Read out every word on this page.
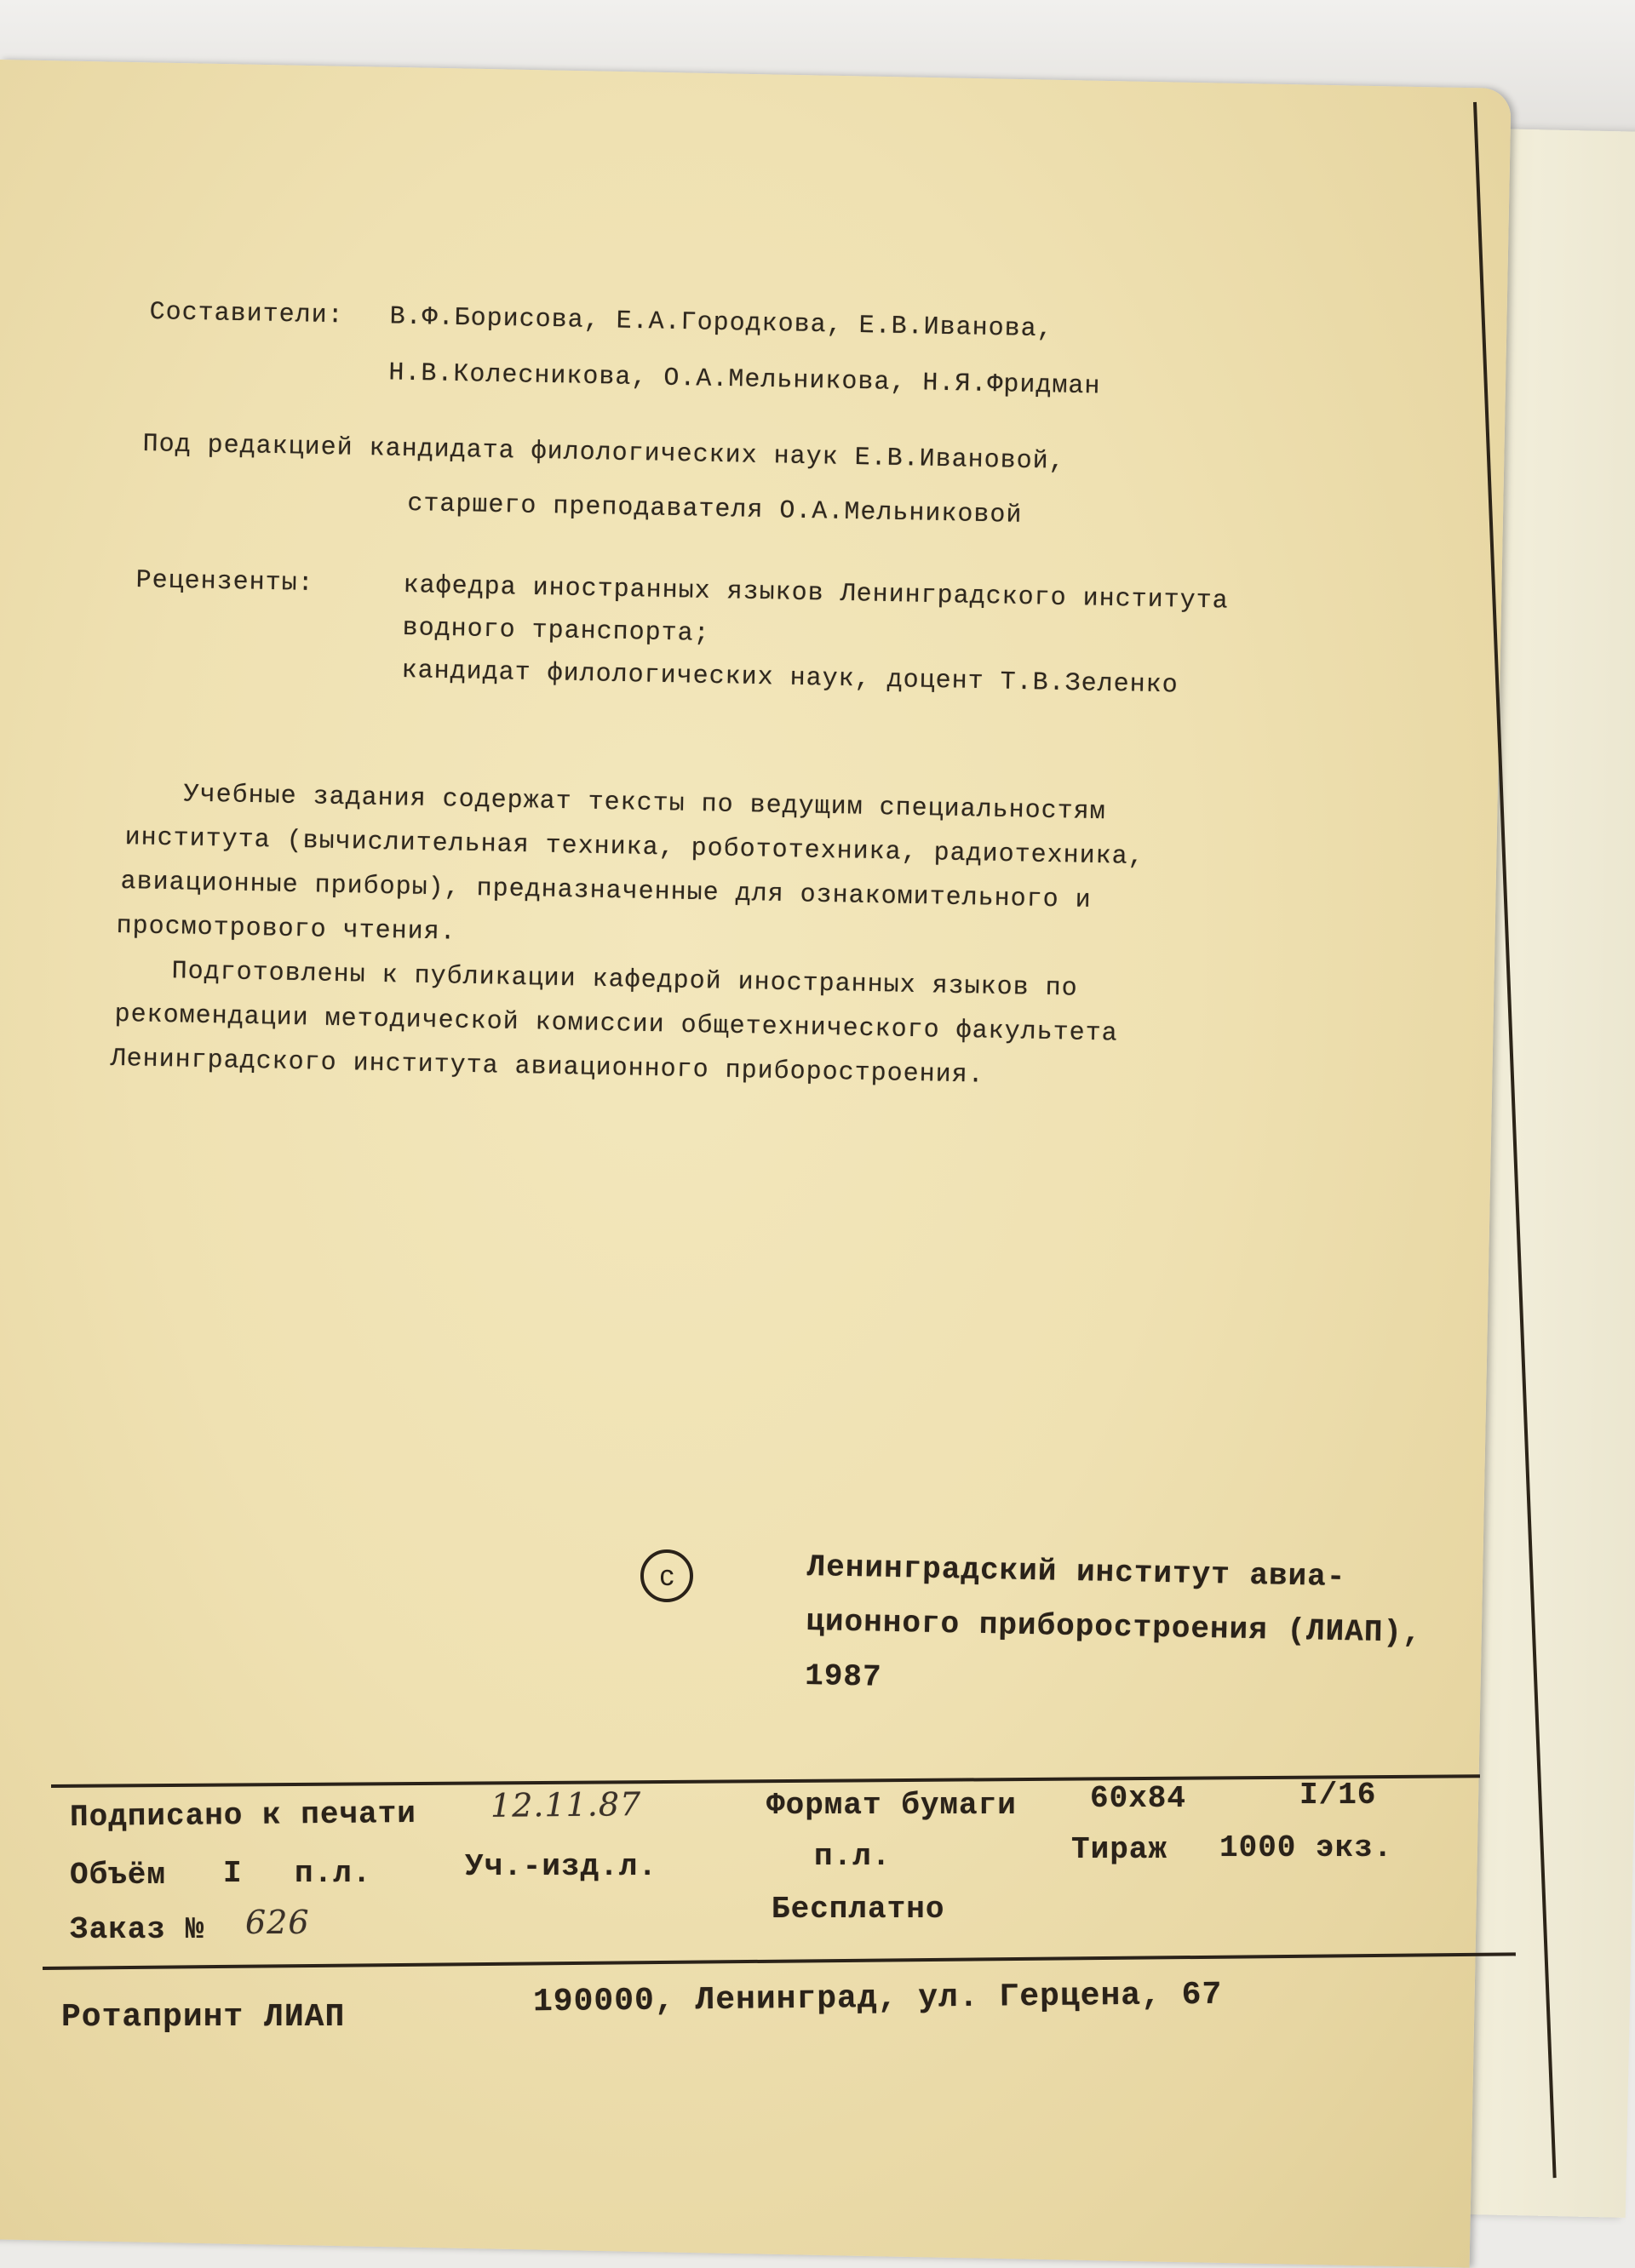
Составители: В.Ф.Борисова, Е.А.Городкова, Е.В.Иванова,
Н.В.Колесникова, О.А.Мельникова, Н.Я.Фридман
Под редакцией кандидата филологических наук Е.В.Ивановой,
старшего преподавателя О.А.Мельниковой
Рецензенты:	кафедра иностранных языков Ленинградского института
водного транспорта;
кандидат филологических наук, доцент Т.В.Зеленко
Учебные задания содержат тексты по ведущим специальностям
института (вычислительная техника, робототехника, радиотехника,
авиационные приборы), предназначенные для ознакомительного и
просмотрового чтения.
Подготовлены к публикации кафедрой иностранных языков по
рекомендации методической комиссии общетехнического факультета
Ленинградского института авиационного приборостроения.
c	Ленинградский институт авиа-
ционного приборостроения (ЛИАП),
1987
Подписано к печати 12.11.87	Формат бумаги 60x84	I/16
Объём I п.л.	Уч.-изд.л.	п.л.	Тираж 1000 экз.
Заказ № 626	Бесплатно
Ротапринт ЛИАП	190000, Ленинград, ул. Герцена, 67
